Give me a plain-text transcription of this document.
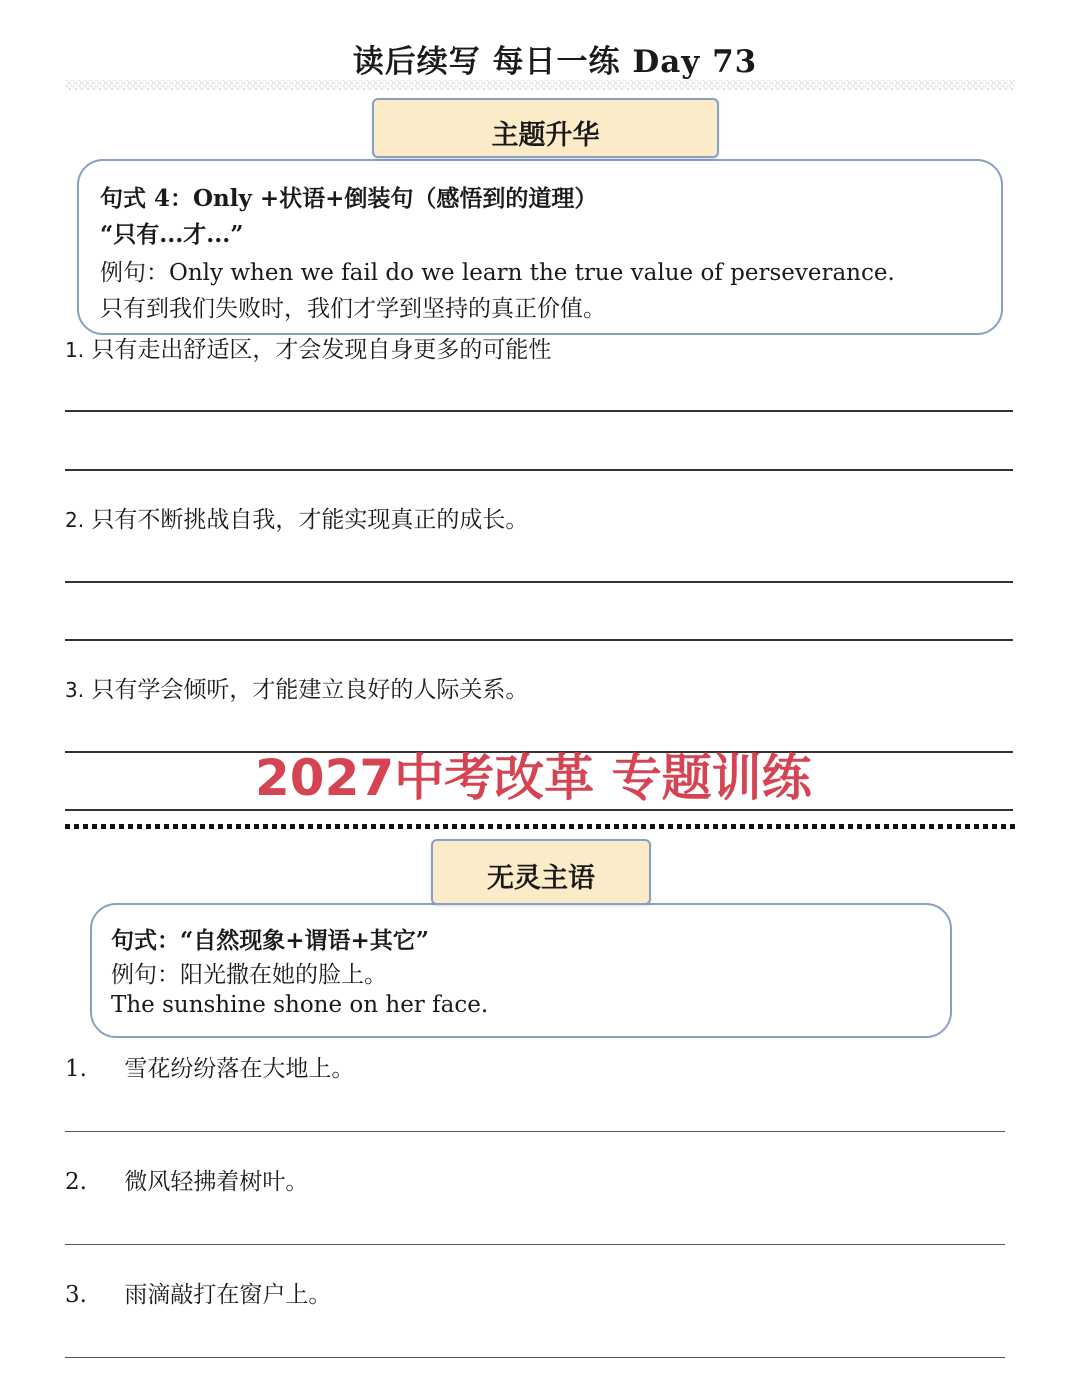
读后续写 每日一练 Day 73
主题升华
句式 4：Only +状语+倒装句（感悟到的道理）
“只有...才...”
例句：Only when we fail do we learn the true value of perseverance.
只有到我们失败时，我们才学到坚持的真正价值。
1. 只有走出舒适区，才会发现自身更多的可能性
2. 只有不断挑战自我，才能实现真正的成长。
3. 只有学会倾听，才能建立良好的人际关系。
2027中考改革 专题训练
无灵主语
句式：“自然现象+谓语+其它”
例句：阳光撒在她的脸上。
The sunshine shone on her face.
1. 雪花纷纷落在大地上。
2. 微风轻拂着树叶。
3. 雨滴敲打在窗户上。
